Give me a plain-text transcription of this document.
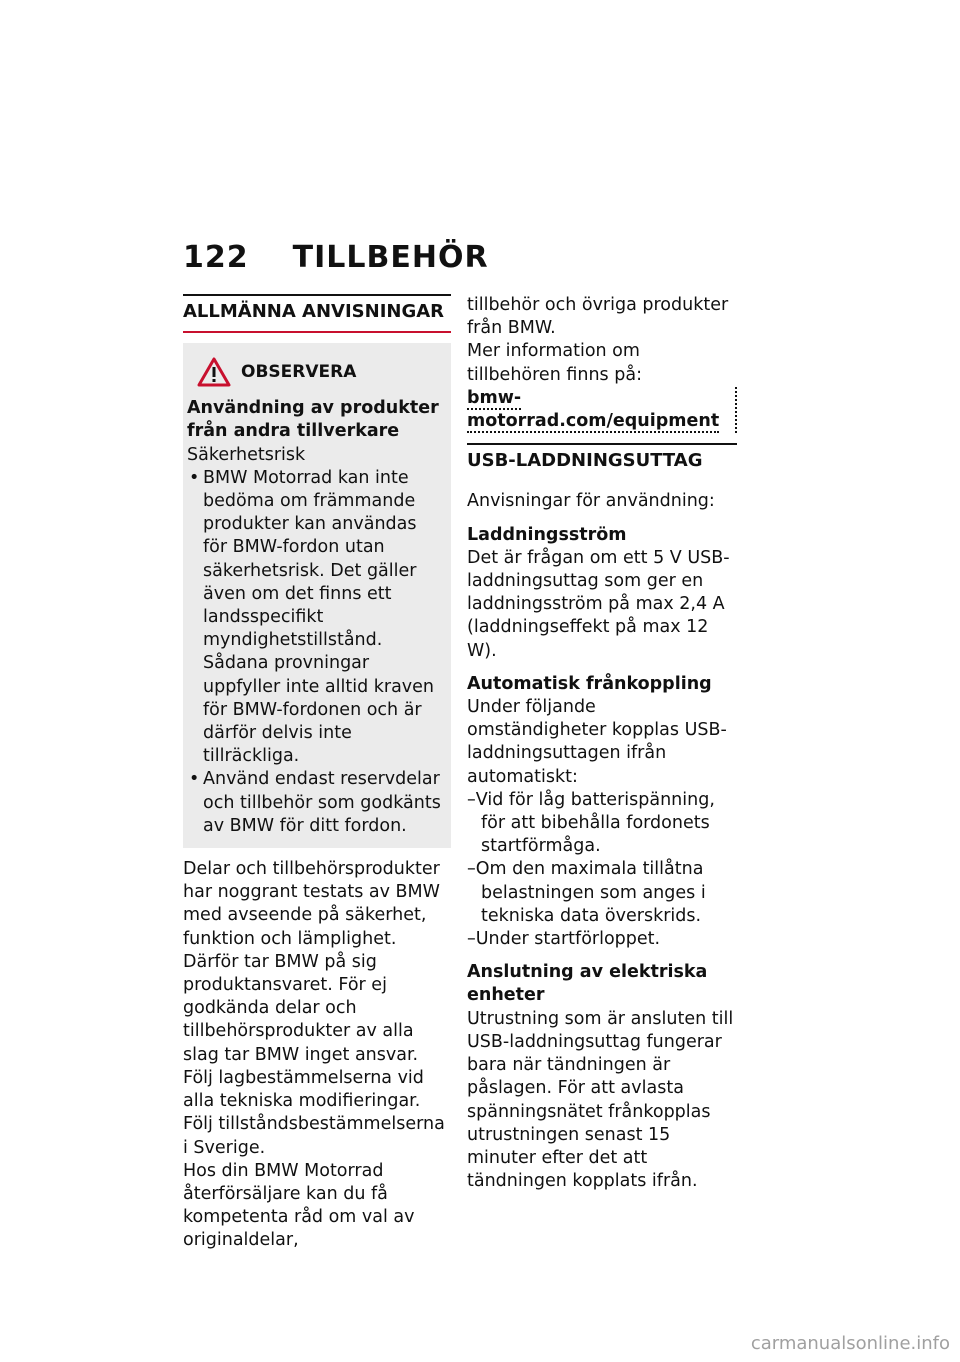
122 TILLBEHÖR
ALLMÄNNA ANVISNINGAR
OBSERVERA

Användning av produkter från andra tillverkare

Säkerhetsrisk

• BMW Motorrad kan inte bedöma om främmande produkter kan användas för BMW-fordon utan säkerhetsrisk. Det gäller även om det finns ett landsspecifikt myndighetstillstånd. Sådana provningar uppfyller inte alltid kraven för BMW-fordonen och är därför delvis inte tillräckliga.
• Använd endast reservdelar och tillbehör som godkänts av BMW för ditt fordon.

Delar och tillbehörsprodukter har noggrant testats av BMW med avseende på säkerhet, funktion och lämplighet. Därför tar BMW på sig produktansvaret. För ej godkända delar och tillbehörsprodukter av alla slag tar BMW inget ansvar.

Följ lagbestämmelserna vid alla tekniska modifieringar. Följ tillståndsbestämmelserna i Sverige.

Hos din BMW Motorrad återförsäljare kan du få kompetenta råd om val av originaldelar,

tillbehör och övriga produkter från BMW.

Mer information om tillbehören finns på:

bmw-motorrad.com/equipment

USB-LADDNINGSUTTAG

Anvisningar för användning:

Laddningsström

Det är frågan om ett 5 V USB-laddningsuttag som ger en laddningsström på max 2,4 A (laddningseffekt på max 12 W).

Automatisk frånkoppling

Under följande omständigheter kopplas USB-laddningsuttagen ifrån automatiskt:

–Vid för låg batterispänning, för att bibehålla fordonets startförmåga.
–Om den maximala tillåtna belastningen som anges i tekniska data överskrids.
–Under startförloppet.

Anslutning av elektriska enheter

Utrustning som är ansluten till USB-laddningsuttag fungerar bara när tändningen är påslagen. För att avlasta spänningsnätet frånkopplas utrustningen senast 15 minuter efter det att tändningen kopplats ifrån.

carmanualsonline.info
